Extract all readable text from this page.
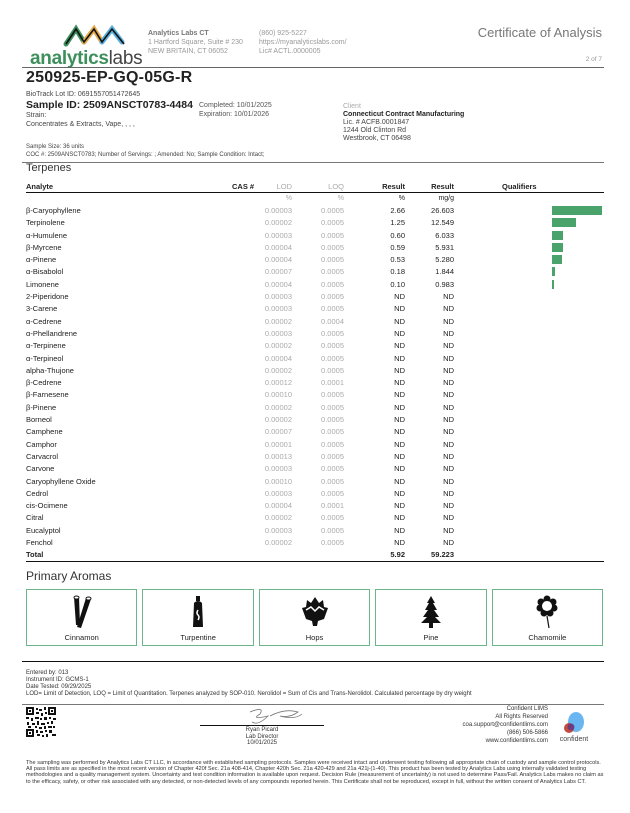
analyticslabs
Analytics Labs CT
1 Hartford Square, Suite # 230
NEW BRITAIN, CT 06052
(860) 925-5227
https://myanalyticslabs.com/
Lic# ACTL.0000005
Certificate of Analysis
2 of 7
250925-EP-GQ-05G-R
BioTrack Lot ID: 0691557051472645
Sample ID: 2509ANSCT0783-4484
Strain:
Concentrates & Extracts, Vape, , , ,
Completed: 10/01/2025
Expiration: 10/01/2026
Client
Connecticut Contract Manufacturing
Lic. # ACFB.0001847
1244 Old Clinton Rd
Westbrook, CT 06498
Sample Size: 36 units
COC #: 2509ANSCT0783; Number of Servings: ; Amended: No; Sample Condition: Intact;
Terpenes
Analyte	CAS #	LOD	LOQ	Result	Result	Qualifiers
%	%	%	mg/g
β-Caryophyllene	0.00003	0.0005	2.66	26.603
Terpinolene	0.00002	0.0005	1.25	12.549
α-Humulene	0.00003	0.0005	0.60	6.033
β-Myrcene	0.00004	0.0005	0.59	5.931
α-Pinene	0.00004	0.0005	0.53	5.280
α-Bisabolol	0.00007	0.0005	0.18	1.844
Limonene	0.00004	0.0005	0.10	0.983
2-Piperidone	0.00003	0.0005	ND	ND
3-Carene	0.00003	0.0005	ND	ND
α-Cedrene	0.00002	0.0004	ND	ND
α-Phellandrene	0.00003	0.0005	ND	ND
α-Terpinene	0.00002	0.0005	ND	ND
α-Terpineol	0.00004	0.0005	ND	ND
alpha-Thujone	0.00002	0.0005	ND	ND
β-Cedrene	0.00012	0.0001	ND	ND
β-Farnesene	0.00010	0.0005	ND	ND
β-Pinene	0.00002	0.0005	ND	ND
Borneol	0.00002	0.0005	ND	ND
Camphene	0.00007	0.0005	ND	ND
Camphor	0.00001	0.0005	ND	ND
Carvacrol	0.00013	0.0005	ND	ND
Carvone	0.00003	0.0005	ND	ND
Caryophyllene Oxide	0.00010	0.0005	ND	ND
Cedrol	0.00003	0.0005	ND	ND
cis-Ocimene	0.00004	0.0001	ND	ND
Citral	0.00002	0.0005	ND	ND
Eucalyptol	0.00003	0.0005	ND	ND
Fenchol	0.00002	0.0005	ND	ND
Total	5.92	59.223
Primary Aromas
Cinnamon	Turpentine	Hops	Pine	Chamomile
Entered by: 013
Instrument ID: GCMS-1
Date Tested: 09/29/2025
LOD= Limit of Detection, LOQ = Limit of Quantitation. Terpenes analyzed by SOP-010. Nerolidol = Sum of Cis and Trans-Nerolidol. Calculated percentage by dry weight
Ryan Picard
Lab Director
10/01/2025
Confident LIMS
All Rights Reserved
coa.support@confidentlims.com
(866) 506-5866
www.confidentlims.com	confident
The sampling was performed by Analytics Labs CT LLC, in accordance with established sampling protocols. Samples were received intact and underwent testing following all appropriate chain of custody and sample control protocols. All pass limits are as specified in the most recent version of Chapter 420f Sec. 21a 408-414, Chapter 420h Sec. 21a 420-429 and 21a 421j-(1-40). This product has been tested by Analytics Labs using internally validated testing methodologies and a quality management system. Uncertainty and test condition information is available upon request. Decision Rule (measurement of uncertainty) is not used to determine Pass/Fail. Analytics Labs makes no claim as to the efficacy, safety, or other risk associated with any detected, or non-detected levels of any compounds reported herein. This Certificate shall not be reproduced, except in full, without the written consent of Analytics Labs CT.
